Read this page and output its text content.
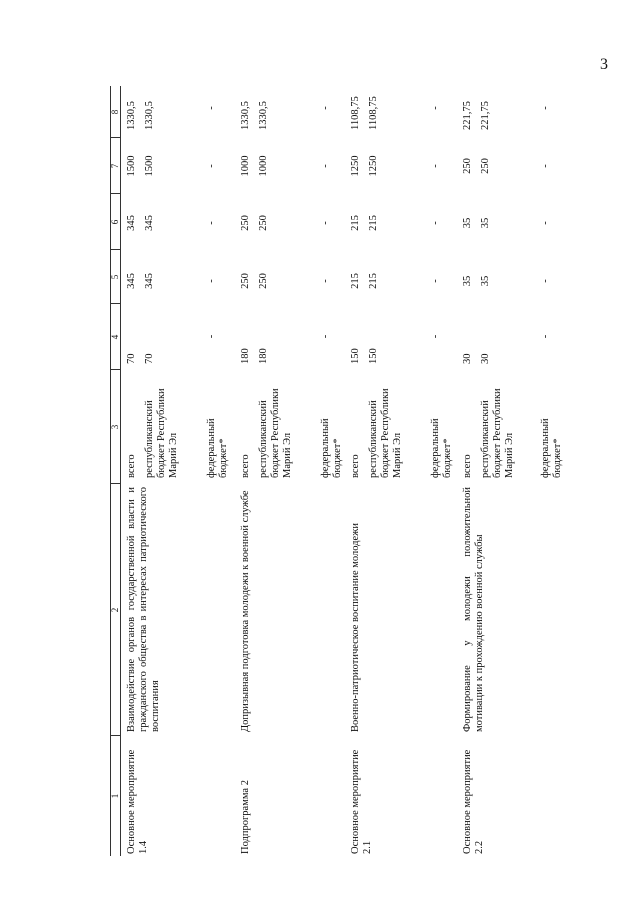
3
1
2
3
4
5
6
7
8
Основное мероприятие 1.4
Взаимодействие органов государственной власти и гражданского общества в интересах патриотического воспитания
всего
70
345
345
1500
1330,5
республиканский бюджет Республики Марий Эл
70
345
345
1500
1330,5
федеральный бюджет*
-
-
-
-
-
Подпрограмма 2
Допризывная подготовка молодежи к военной службе
всего
180
250
250
1000
1330,5
республиканский бюджет Республики Марий Эл
180
250
250
1000
1330,5
федеральный бюджет*
-
-
-
-
-
Основное мероприятие 2.1
Военно-патриотическое воспитание молодежи
всего
150
215
215
1250
1108,75
республиканский бюджет Республики Марий Эл
150
215
215
1250
1108,75
федеральный бюджет*
-
-
-
-
-
Основное мероприятие 2.2
Формирование у молодежи положительной мотивации к прохождению военной службы
всего
30
35
35
250
221,75
республиканский бюджет Республики Марий Эл
30
35
35
250
221,75
федеральный бюджет*
-
-
-
-
-
